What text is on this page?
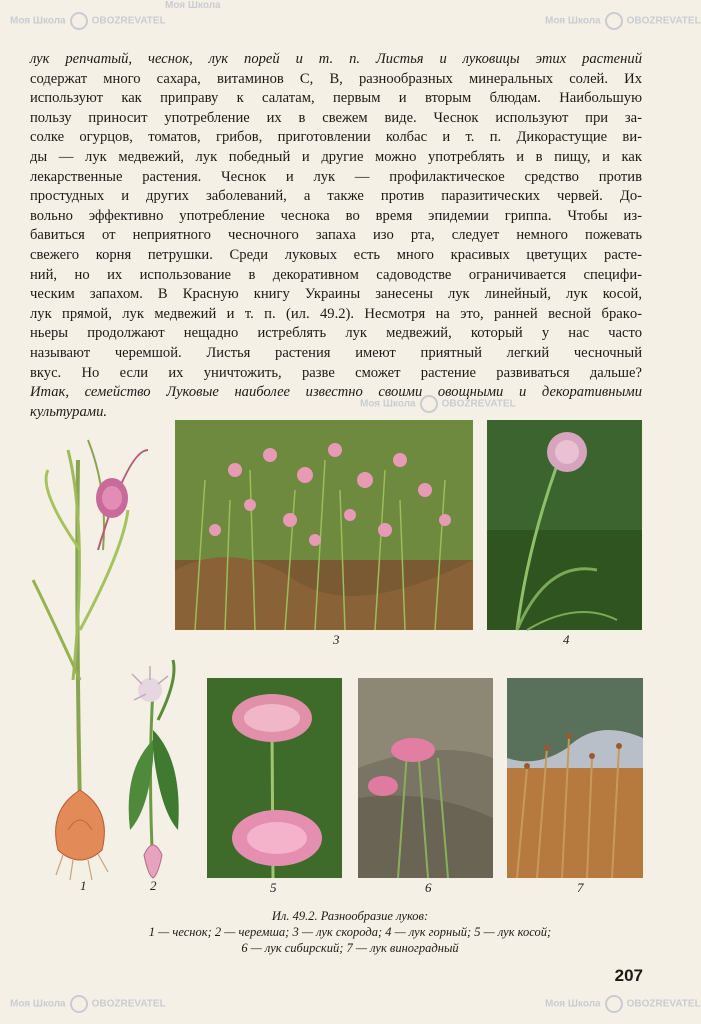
лук репчатый, чеснок, лук порей и т. п. Листья и луковицы этих растений
содержат много сахара, витаминов С, В, разнообразных минеральных солей. Их
используют как приправу к салатам, первым и вторым блюдам. Наибольшую
пользу приносит употребление их в свежем виде. Чеснок используют при за-
солке огурцов, томатов, грибов, приготовлении колбас и т. п. Дикорастущие ви-
ды — лук медвежий, лук победный и другие можно употреблять и в пищу, и как
лекарственные растения. Чеснок и лук — профилактическое средство против
простудных и других заболеваний, а также против паразитических червей. До-
вольно эффективно употребление чеснока во время эпидемии гриппа. Чтобы из-
бавиться от неприятного чесночного запаха изо рта, следует немного пожевать
свежего корня петрушки. Среди луковых есть много красивых цветущих расте-
ний, но их использование в декоративном садоводстве ограничивается специфи-
ческим запахом. В Красную книгу Украины занесены лук линейный, лук косой,
лук прямой, лук медвежий и т. п. (ил. 49.2). Несмотря на это, ранней весной бракo-
ньеры продолжают нещадно истреблять лук медвежий, который у нас часто
называют черемшой. Листья растения имеют приятный легкий чесночный
вкус. Но если их уничтожить, разве сможет растение развиваться дальше?
Итак, семейство Луковые наиболее известно своими овощными и декоративными
культурами.
1	2
3	4
5	6	7
Ил. 49.2. Разнообразие луков:
1 — чеснок; 2 — черемша; 3 — лук скорода; 4 — лук горный; 5 — лук косой;
6 — лук сибирский; 7 — лук виноградный
207
Моя Школа	OBOZREVATEL
Моя Школа
Моя Школа	OBOZREVATEL
Моя Школа	OBOZREVATEL
Моя Школа	OBOZREVATEL	Моя Школа	OBOZREVATEL
